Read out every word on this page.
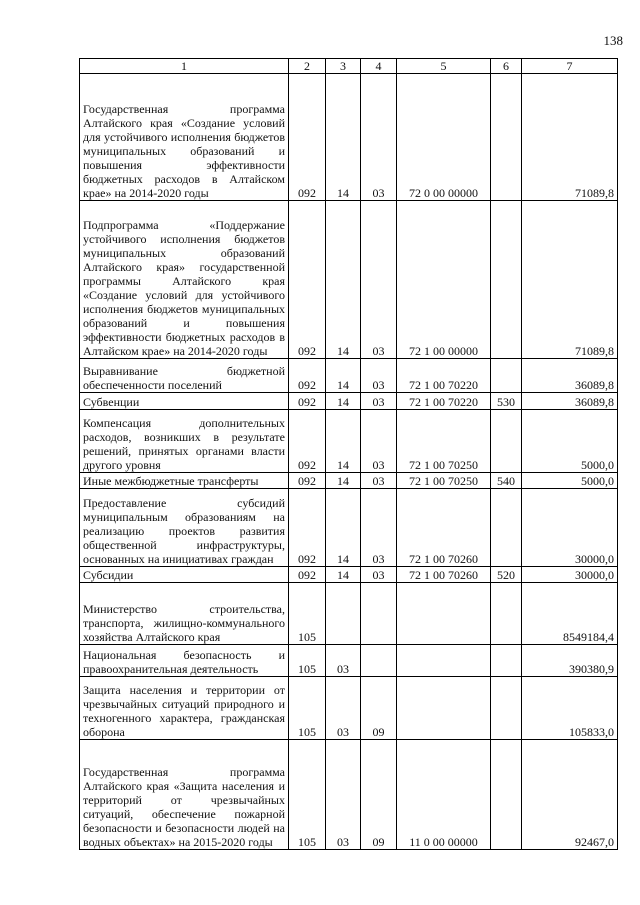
138
1	2	3	4	5	6	7
Государственная программа Алтайского края «Создание условий для устойчивого исполнения бюджетов муниципальных образований и повышения эффективности бюджетных расходов в Алтайском крае» на 2014-2020 годы	092	14	03	72 0 00 00000		71089,8
Подпрограмма «Поддержание устойчивого исполнения бюджетов муниципальных образований Алтайского края» государственной программы Алтайского края «Создание условий для устойчивого исполнения бюджетов муниципальных образований и повышения эффективности бюджетных расходов в Алтайском крае» на 2014-2020 годы	092	14	03	72 1 00 00000		71089,8
Выравнивание бюджетной обеспеченности поселений	092	14	03	72 1 00 70220		36089,8
Субвенции	092	14	03	72 1 00 70220	530	36089,8
Компенсация дополнительных расходов, возникших в результате решений, принятых органами власти другого уровня	092	14	03	72 1 00 70250		5000,0
Иные межбюджетные трансферты	092	14	03	72 1 00 70250	540	5000,0
Предоставление субсидий муниципальным образованиям на реализацию проектов развития общественной инфраструктуры, основанных на инициативах граждан	092	14	03	72 1 00 70260		30000,0
Субсидии	092	14	03	72 1 00 70260	520	30000,0
Министерство строительства, транспорта, жилищно-коммунального хозяйства Алтайского края	105					8549184,4
Национальная безопасность и правоохранительная деятельность	105	03				390380,9
Защита населения и территории от чрезвычайных ситуаций природного и техногенного характера, гражданская оборона	105	03	09			105833,0
Государственная программа Алтайского края «Защита населения и территорий от чрезвычайных ситуаций, обеспечение пожарной безопасности и безопасности людей на водных объектах» на 2015-2020 годы	105	03	09	11 0 00 00000		92467,0
